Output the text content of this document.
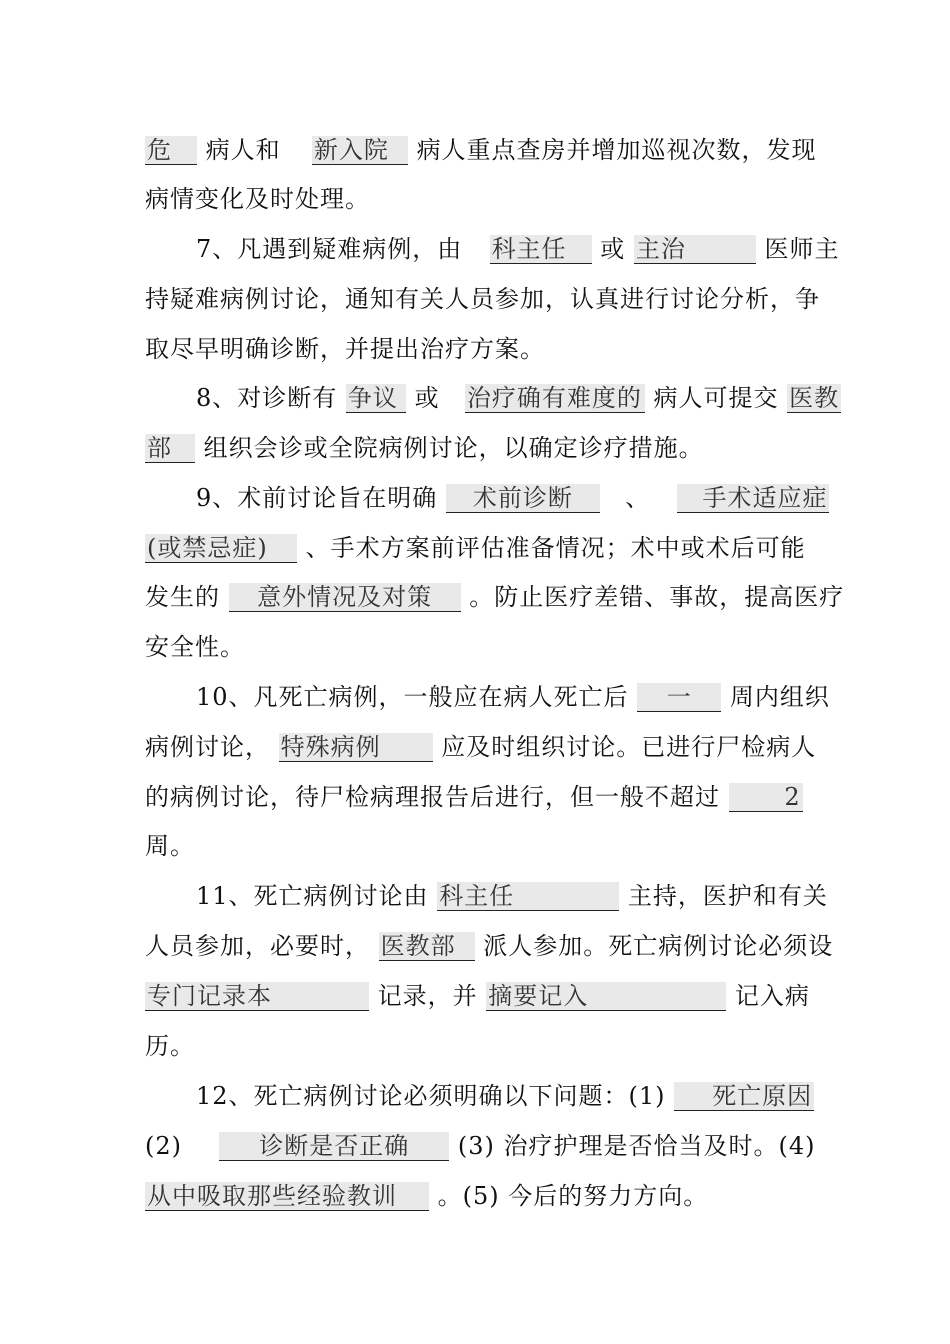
危 病人和 新入院 病人重点查房并增加巡视次数，发现
病情变化及时处理。
7、凡遇到疑难病例，由 科主任 或 主治	医师主
持疑难病例讨论，通知有关人员参加，认真进行讨论分析，争
取尽早明确诊断，并提出治疗方案。
8、对诊断有 争议 或 治疗确有难度的 病人可提交 医教
部 组织会诊或全院病例讨论，以确定诊疗措施。
9、术前讨论旨在明确 术前诊断 、 手术适应症
(或禁忌症) 、手术方案前评估准备情况；术中或术后可能
发生的 意外情况及对策 。防止医疗差错、事故，提高医疗
安全性。
10、凡死亡病例，一般应在病人死亡后 一 周内组织
病例讨论， 特殊病例	应及时组织讨论。已进行尸检病人
的病例讨论，待尸检病理报告后进行，但一般不超过	2
周。
11、死亡病例讨论由 科主任	主持，医护和有关
人员参加，必要时， 医教部 派人参加。死亡病例讨论必须设
专门记录本	记录，并 摘要记入	记入病
历。
12、死亡病例讨论必须明确以下问题：(1) 死亡原因
(2)	诊断是否正确 (3) 治疗护理是否恰当及时。(4)
从中吸取那些经验教训 。(5) 今后的努力方向。
